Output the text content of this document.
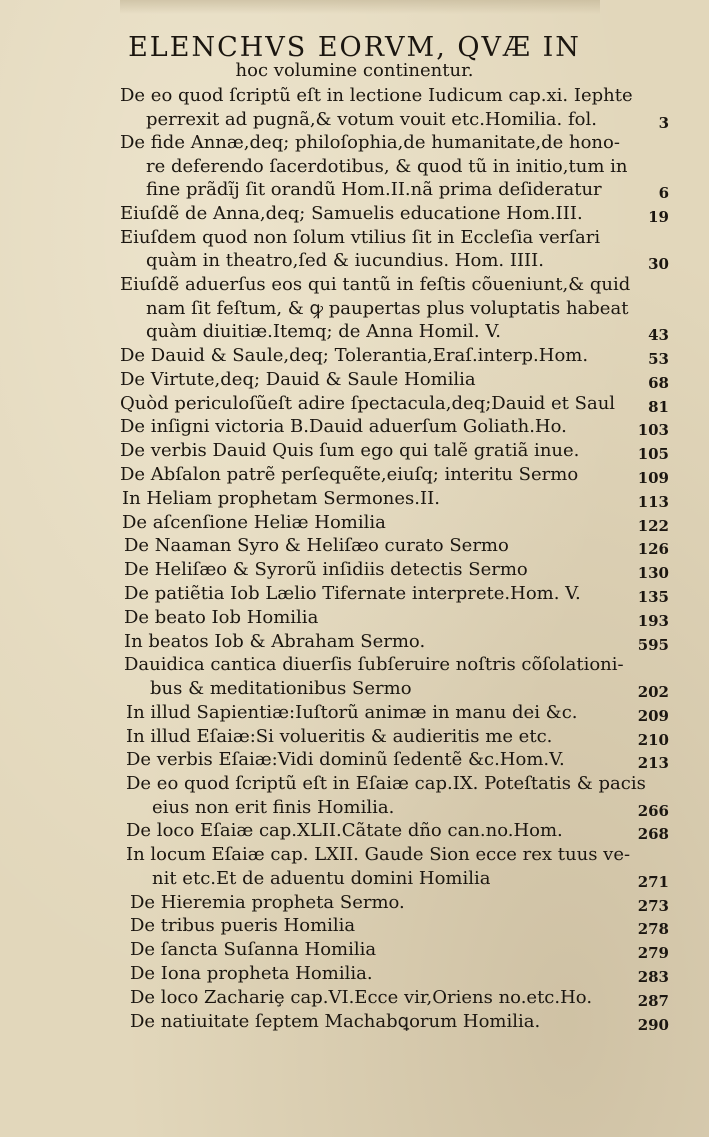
ELENCHVS EORVM, QVÆ IN
hoc volumine continentur.
De eo quod ſcriptũ eſt in lectione Iudicum cap.xi. Iephte
perrexit ad pugnã,& votum vouit etc.Homilia. fol.	3
De fide Annæ,deq; philoſophia,de humanitate,de hono-
re deferendo ſacerdotibus, & quod tũ in initio,tum in
fine prãdĩj ſit orandũ Hom.II.nã prima deſideratur	6
Eiuſdẽ de Anna,deq; Samuelis educatione Hom.III.	19
Eiuſdem quod non ſolum vtilius ſit in Eccleſia verſari
quàm in theatro,ſed & iucundius. Hom. IIII.	30
Eiuſdẽ aduerſus eos qui tantũ in feſtis cõueniunt,& quid
nam ſit feſtum, & ꝙ paupertas plus voluptatis habeat
quàm diuitiæ.Itemq; de Anna Homil. V.	43
De Dauid & Saule,deq; Tolerantia,Eraſ.interp.Hom.	53
De Virtute,deq; Dauid & Saule Homilia	68
Quòd periculoſũeſt adire ſpectacula,deq;Dauid et Saul	81
De inſigni victoria B.Dauid aduerſum Goliath.Ho.	103
De verbis Dauid Quis ſum ego qui talẽ gratiã inue.	105
De Abſalon patrẽ perſequẽte,eiuſq; interitu Sermo	109
In Heliam prophetam Sermones.II.	113
De aſcenſione Heliæ Homilia	122
De Naaman Syro & Heliſæo curato Sermo	126
De Heliſæo & Syrorũ inſidiis detectis Sermo	130
De patiẽtia Iob Lælio Tifernate interprete.Hom. V.	135
De beato Iob Homilia	193
In beatos Iob & Abraham Sermo.	595
Dauidica cantica diuerſis ſubſeruire noſtris cõſolationi-
bus & meditationibus Sermo	202
In illud Sapientiæ:Iuſtorũ animæ in manu dei &c.	209
In illud Eſaiæ:Si volueritis & audieritis me etc.	210
De verbis Eſaiæ:Vidi dominũ ſedentẽ &c.Hom.V.	213
De eo quod ſcriptũ eſt in Eſaiæ cap.IX. Poteſtatis & pacis
eius non erit finis Homilia.	266
De loco Eſaiæ cap.XLII.Cãtate dño can.no.Hom.	268
In locum Eſaiæ cap. LXII. Gaude Sion ecce rex tuus ve-
nit etc.Et de aduentu domini Homilia	271
De Hieremia propheta Sermo.	273
De tribus pueris Homilia	278
De ſancta Suſanna Homilia	279
De Iona propheta Homilia.	283
De loco Zachariȩ cap.VI.Ecce vir,Oriens no.etc.Ho.	287
De natiuitate ſeptem Machabꝗorum Homilia.	290
